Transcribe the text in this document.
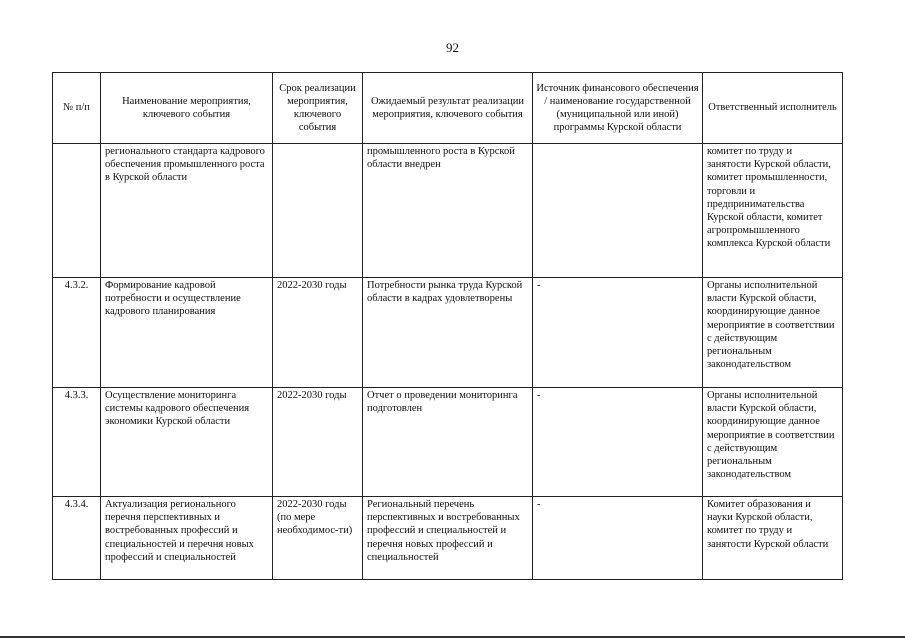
92
№ п/п	Наименование мероприятия, ключевого события	Срок реализации мероприятия, ключевого события	Ожидаемый результат реализации мероприятия, ключевого события	Источник финансового обеспечения / наименование государственной (муниципальной или иной) программы Курской области	Ответственный исполнитель
	регионального стандарта кадрового обеспечения промышленного роста в Курской области		промышленного роста в Курской области внедрен		комитет по труду и занятости Курской области, комитет промышленности, торговли и предпринимательства Курской области, комитет агропромышленного комплекса Курской области
4.3.2.	Формирование кадровой потребности и осуществление кадрового планирования	2022-2030 годы	Потребности рынка труда Курской области в кадрах удовлетворены	-	Органы исполнительной власти Курской области, координирующие данное мероприятие в соответствии с действующим региональным законодательством
4.3.3.	Осуществление мониторинга системы кадрового обеспечения экономики Курской области	2022-2030 годы	Отчет о проведении мониторинга подготовлен	-	Органы исполнительной власти Курской области, координирующие данное мероприятие в соответствии с действующим региональным законодательством
4.3.4.	Актуализация регионального перечня перспективных и востребованных профессий и специальностей и перечня новых профессий и специальностей	2022-2030 годы (по мере необходимос-ти)	Региональный перечень перспективных и востребованных профессий и специальностей и перечня новых профессий и специальностей	-	Комитет образования и науки Курской области, комитет по труду и занятости Курской области
